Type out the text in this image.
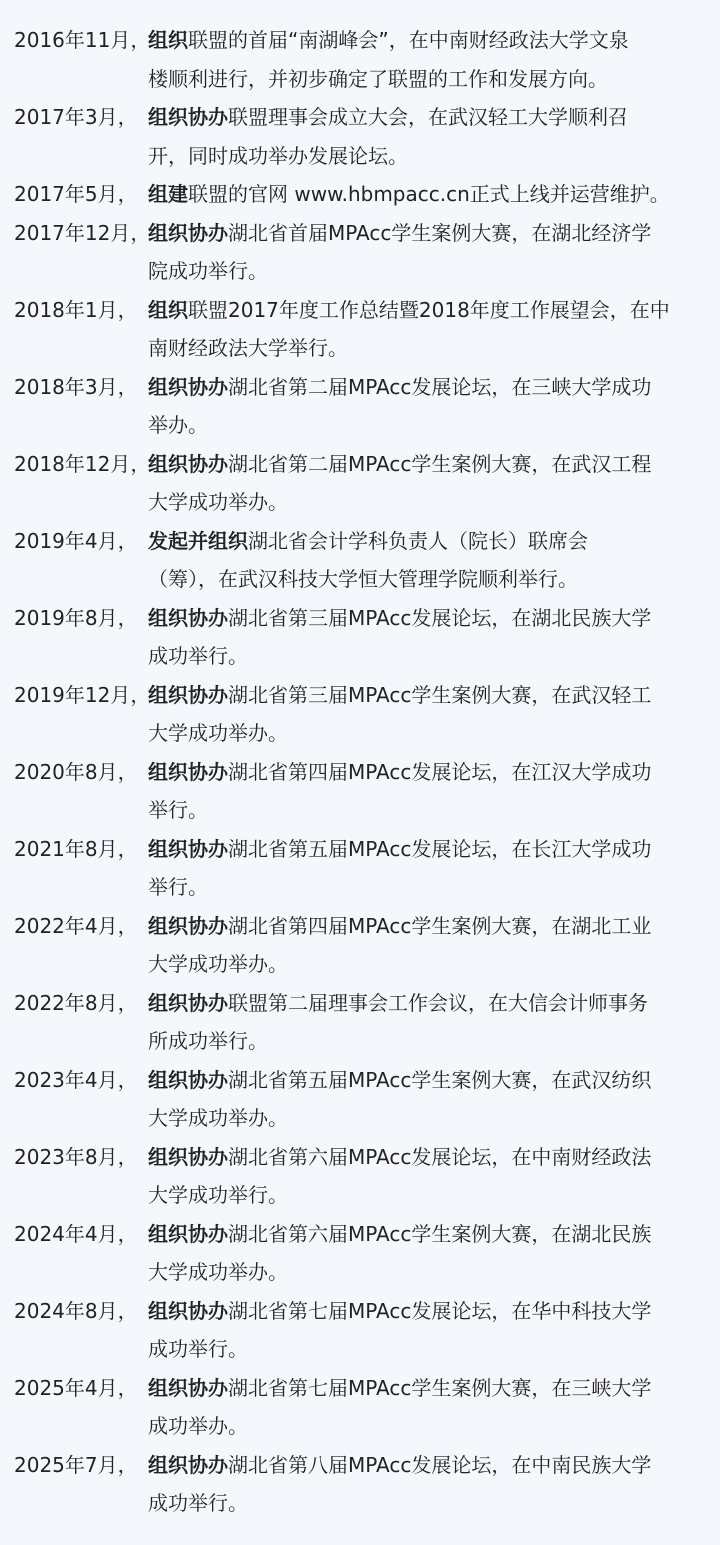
2016年11月，
组织联盟的首届“南湖峰会”，在中南财经政法大学文泉
楼顺利进行，并初步确定了联盟的工作和发展方向。
2017年3月， 组织协办联盟理事会成立大会，在武汉轻工大学顺利召
开，同时成功举办发展论坛。
2017年5月， 组建联盟的官网 www.hbmpacc.cn正式上线并运营维护。
2017年12月，
组织协办湖北省首届MPAcc学生案例大赛，在湖北经济学
院成功举行。
2018年1月， 组织联盟2017年度工作总结暨2018年度工作展望会，在中
南财经政法大学举行。
2018年3月， 组织协办湖北省第二届MPAcc发展论坛，在三峡大学成功
举办。
2018年12月，
组织协办湖北省第二届MPAcc学生案例大赛，在武汉工程
大学成功举办。
2019年4月， 发起并组织湖北省会计学科负责人（院长）联席会
（筹），在武汉科技大学恒大管理学院顺利举行。
2019年8月， 组织协办湖北省第三届MPAcc发展论坛，在湖北民族大学
成功举行。
2019年12月，
组织协办湖北省第三届MPAcc学生案例大赛，在武汉轻工
大学成功举办。
2020年8月， 组织协办湖北省第四届MPAcc发展论坛，在江汉大学成功
举行。
2021年8月， 组织协办湖北省第五届MPAcc发展论坛，在长江大学成功
举行。
2022年4月， 组织协办湖北省第四届MPAcc学生案例大赛，在湖北工业
大学成功举办。
2022年8月， 组织协办联盟第二届理事会工作会议，在大信会计师事务
所成功举行。
2023年4月， 组织协办湖北省第五届MPAcc学生案例大赛，在武汉纺织
大学成功举办。
2023年8月， 组织协办湖北省第六届MPAcc发展论坛，在中南财经政法
大学成功举行。
2024年4月， 组织协办湖北省第六届MPAcc学生案例大赛，在湖北民族
大学成功举办。
2024年8月， 组织协办湖北省第七届MPAcc发展论坛，在华中科技大学
成功举行。
2025年4月， 组织协办湖北省第七届MPAcc学生案例大赛，在三峡大学
成功举办。
2025年7月， 组织协办湖北省第八届MPAcc发展论坛，在中南民族大学
成功举行。
